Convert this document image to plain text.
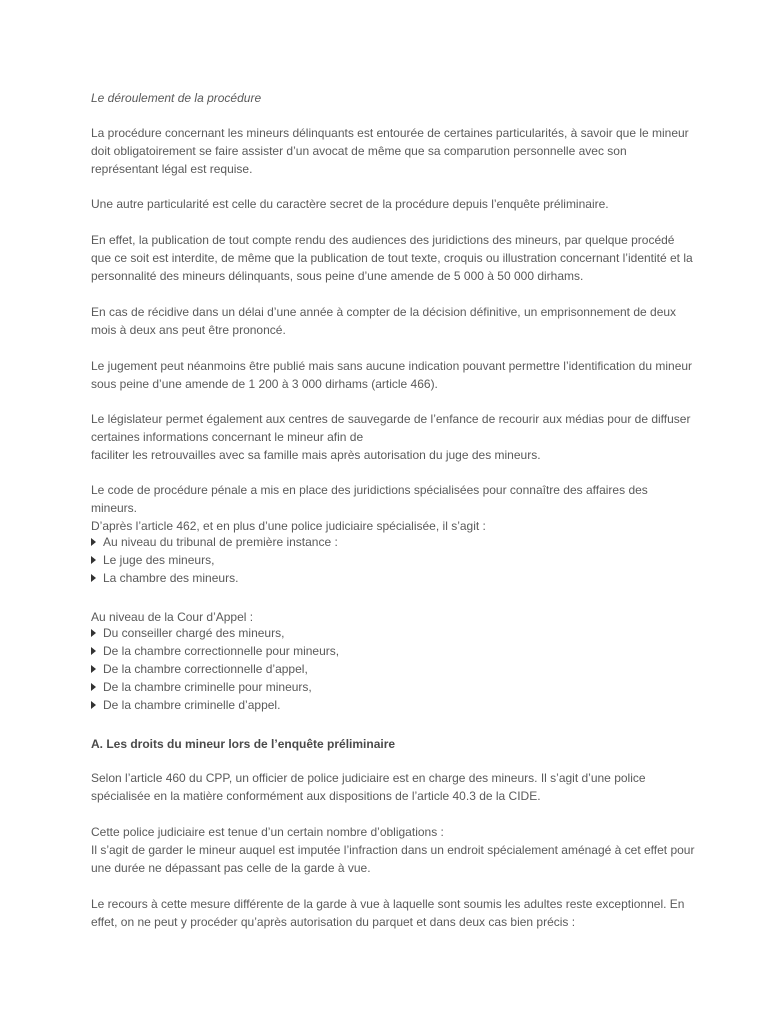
Le déroulement de la procédure

La procédure concernant les mineurs délinquants est entourée de certaines particularités, à savoir que le mineur
doit obligatoirement se faire assister d’un avocat de même que sa comparution personnelle avec son
représentant légal est requise.
Une autre particularité est celle du caractère secret de la procédure depuis l’enquête préliminaire.
En effet, la publication de tout compte rendu des audiences des juridictions des mineurs, par quelque procédé
que ce soit est interdite, de même que la publication de tout texte, croquis ou illustration concernant l’identité et la
personnalité des mineurs délinquants, sous peine d’une amende de 5 000 à 50 000 dirhams.
En cas de récidive dans un délai d’une année à compter de la décision définitive, un emprisonnement de deux
mois à deux ans peut être prononcé.
Le jugement peut néanmoins être publié mais sans aucune indication pouvant permettre l’identification du mineur
sous peine d’une amende de 1 200 à 3 000 dirhams (article 466).
Le législateur permet également aux centres de sauvegarde de l’enfance de recourir aux médias pour de diffuser
certaines informations concernant le mineur afin de
faciliter les retrouvailles avec sa famille mais après autorisation du juge des mineurs.
Le code de procédure pénale a mis en place des juridictions spécialisées pour connaître des affaires des
mineurs.
D’après l’article 462, et en plus d’une police judiciaire spécialisée, il s’agit :
Au niveau du tribunal de première instance :
Le juge des mineurs,
La chambre des mineurs.

Au niveau de la Cour d’Appel :

Du conseiller chargé des mineurs,
De la chambre correctionnelle pour mineurs,
De la chambre correctionnelle d’appel,
De la chambre criminelle pour mineurs,
De la chambre criminelle d’appel.

A. Les droits du mineur lors de l’enquête préliminaire

Selon l’article 460 du CPP, un officier de police judiciaire est en charge des mineurs. Il s’agit d’une police
spécialisée en la matière conformément aux dispositions de l’article 40.3 de la CIDE.
Cette police judiciaire est tenue d’un certain nombre d’obligations :
Il s’agit de garder le mineur auquel est imputée l’infraction dans un endroit spécialement aménagé à cet effet pour
une durée ne dépassant pas celle de la garde à vue.
Le recours à cette mesure différente de la garde à vue à laquelle sont soumis les adultes reste exceptionnel. En
effet, on ne peut y procéder qu’après autorisation du parquet et dans deux cas bien précis :
